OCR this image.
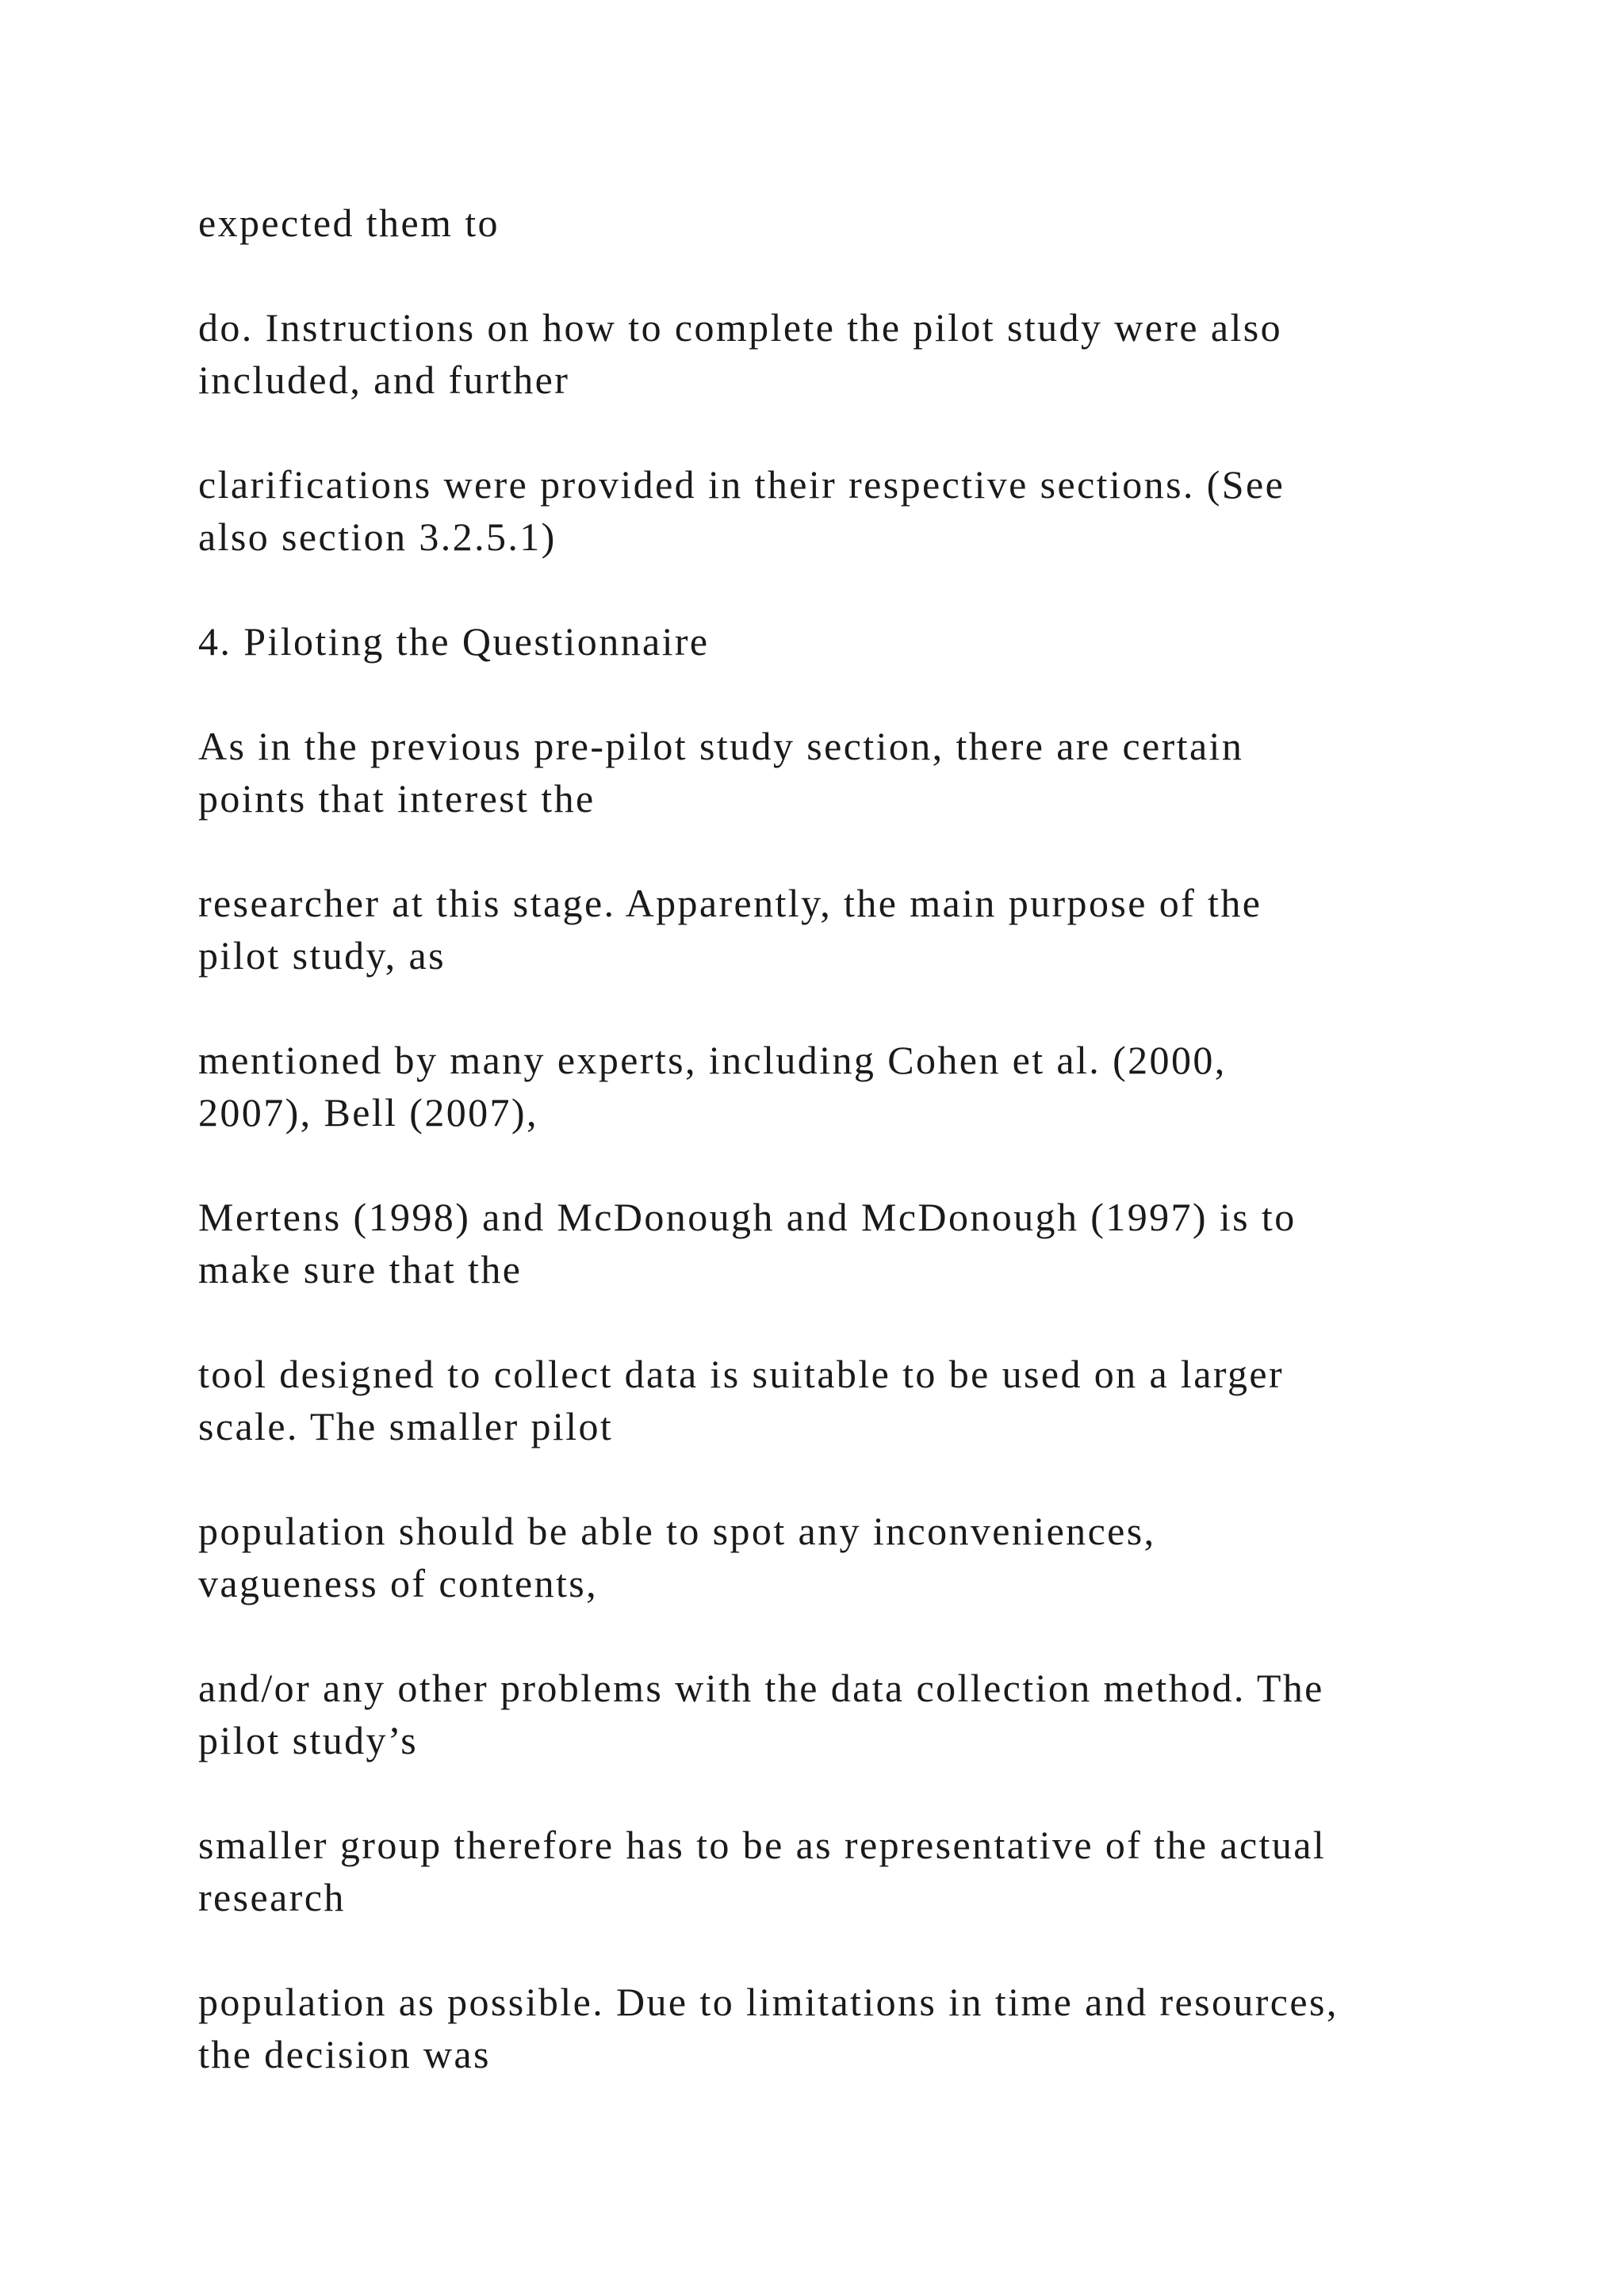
expected them to

do. Instructions on how to complete the pilot study were also
included, and further

clarifications were provided in their respective sections. (See
also section 3.2.5.1)

4. Piloting the Questionnaire

As in the previous pre-pilot study section, there are certain
points that interest the

researcher at this stage. Apparently, the main purpose of the
pilot study, as

mentioned by many experts, including Cohen et al. (2000,
2007), Bell (2007),

Mertens (1998) and McDonough and McDonough (1997) is to
make sure that the

tool designed to collect data is suitable to be used on a larger
scale. The smaller pilot

population should be able to spot any inconveniences,
vagueness of contents,

and/or any other problems with the data collection method. The
pilot study’s

smaller group therefore has to be as representative of the actual
research

population as possible. Due to limitations in time and resources,
the decision was
